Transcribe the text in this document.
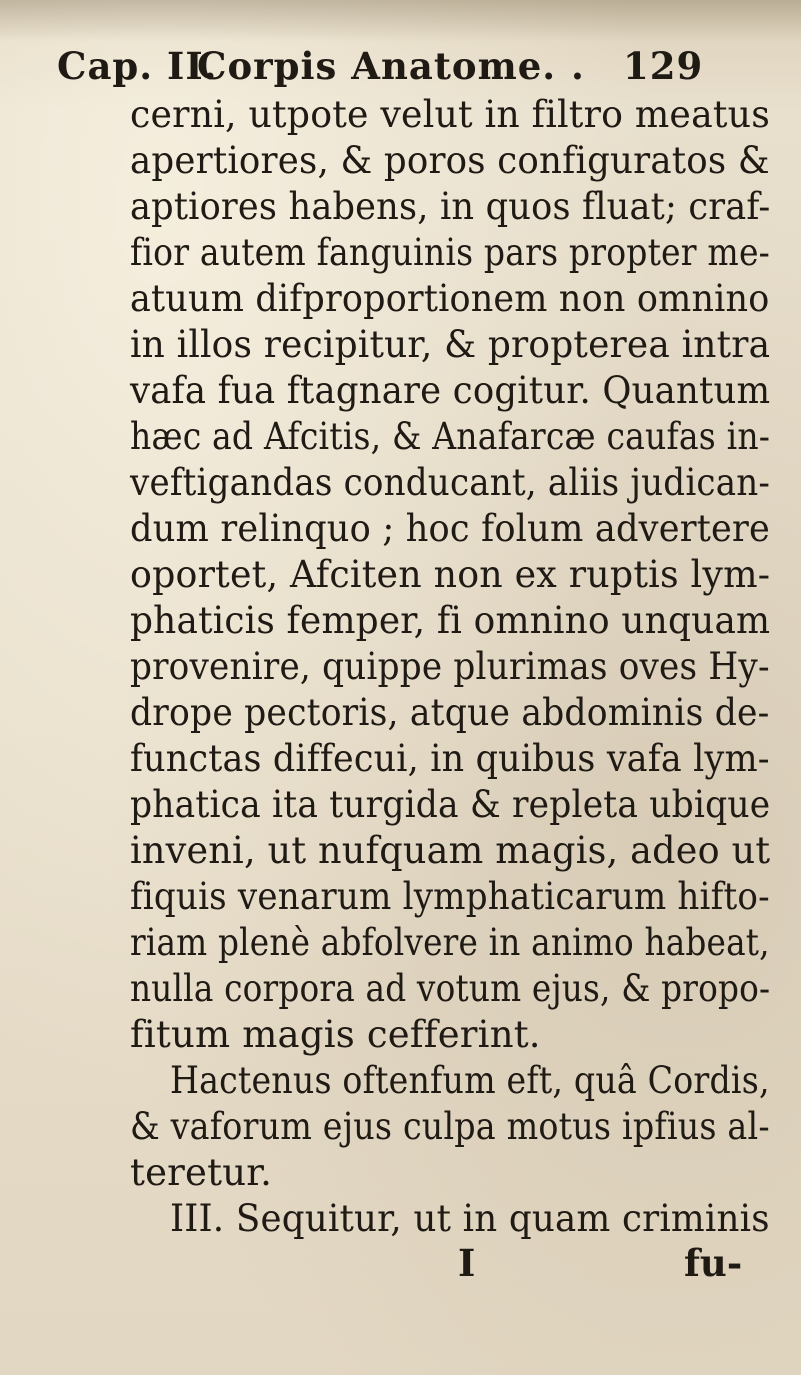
Cap. II.
Corpis Anatome. . 129
cerni, utpote velut in filtro meatus
apertiores, & poros configuratos &
aptiores habens, in quos fluat; craf-
fior autem fanguinis pars propter me-
atuum difproportionem non omnino
in illos recipitur, & propterea intra
vafa fua ftagnare cogitur. Quantum
hæc ad Afcitis, & Anafarcæ caufas in-
veftigandas conducant, aliis judican-
dum relinquo ; hoc folum advertere
oportet, Afciten non ex ruptis lym-
phaticis femper, fi omnino unquam
provenire, quippe plurimas oves Hy-
drope pectoris, atque abdominis de-
functas diffecui, in quibus vafa lym-
phatica ita turgida & repleta ubique
inveni, ut nufquam magis, adeo ut
fiquis venarum lymphaticarum hifto-
riam plenè abfolvere in animo habeat,
nulla corpora ad votum ejus, & propo-
fitum magis cefferint.
Hactenus oftenfum eft, quâ Cordis,
& vaforum ejus culpa motus ipfius al-
teretur.
III. Sequitur, ut in quam criminis
I	fu-
